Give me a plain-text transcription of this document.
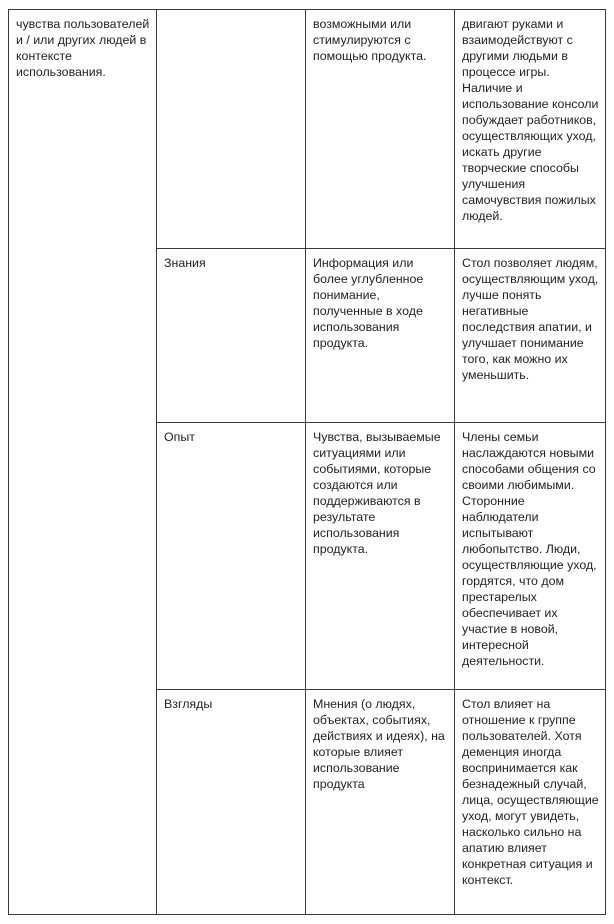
чувства пользователей и / или других людей в контексте использования.		возможными или стимулируются с помощью продукта.	двигают руками и взаимодействуют с другими людьми в процессе игры. Наличие и использование консоли побуждает работников, осуществляющих уход, искать другие творческие способы улучшения самочувствия пожилых людей.
	Знания	Информация или более углубленное понимание, полученные в ходе использования продукта.	Стол позволяет людям, осуществляющим уход, лучше понять негативные последствия апатии, и улучшает понимание того, как можно их уменьшить.
	Опыт	Чувства, вызываемые ситуациями или событиями, которые создаются или поддерживаются в результате использования продукта.	Члены семьи наслаждаются новыми способами общения со своими любимыми. Сторонние наблюдатели испытывают любопытство. Люди, осуществляющие уход, гордятся, что дом престарелых обеспечивает их участие в новой, интересной деятельности.
	Взгляды	Мнения (о людях, объектах, событиях, действиях и идеях), на которые влияет использование продукта	Стол влияет на отношение к группе пользователей. Хотя деменция иногда воспринимается как безнадежный случай, лица, осуществляющие уход, могут увидеть, насколько сильно на апатию влияет конкретная ситуация и контекст.
